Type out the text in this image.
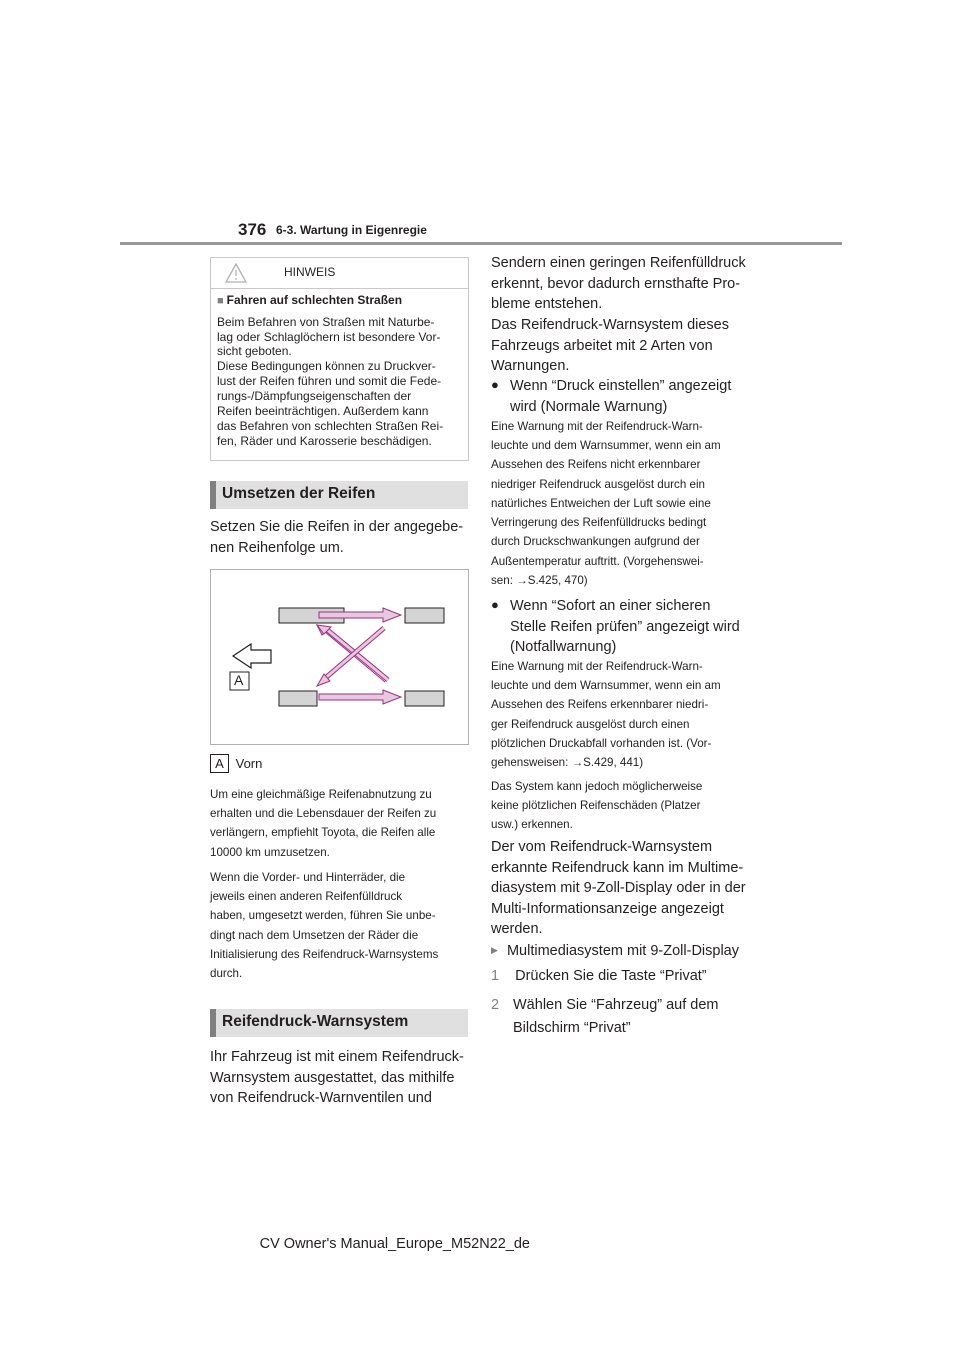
376 6-3. Wartung in Eigenregie
HINWEIS
■ Fahren auf schlechten Straßen
Beim Befahren von Straßen mit Naturbe-
lag oder Schlaglöchern ist besondere Vor-
sicht geboten.
Diese Bedingungen können zu Druckver-
lust der Reifen führen und somit die Fede-
rungs-/Dämpfungseigenschaften der
Reifen beeinträchtigen. Außerdem kann
das Befahren von schlechten Straßen Rei-
fen, Räder und Karosserie beschädigen.
Umsetzen der Reifen
Setzen Sie die Reifen in der angegebe-
nen Reihenfolge um.
A
A Vorn
Um eine gleichmäßige Reifenabnutzung zu
erhalten und die Lebensdauer der Reifen zu
verlängern, empfiehlt Toyota, die Reifen alle
10000 km umzusetzen.
Wenn die Vorder- und Hinterräder, die
jeweils einen anderen Reifenfülldruck
haben, umgesetzt werden, führen Sie unbe-
dingt nach dem Umsetzen der Räder die
Initialisierung des Reifendruck-Warnsystems
durch.
Reifendruck-Warnsystem
Ihr Fahrzeug ist mit einem Reifendruck-
Warnsystem ausgestattet, das mithilfe
von Reifendruck-Warnventilen und
Sendern einen geringen Reifenfülldruck
erkennt, bevor dadurch ernsthafte Pro-
bleme entstehen.
Das Reifendruck-Warnsystem dieses
Fahrzeugs arbeitet mit 2 Arten von
Warnungen.
● Wenn “Druck einstellen” angezeigt
wird (Normale Warnung)
Eine Warnung mit der Reifendruck-Warn-
leuchte und dem Warnsummer, wenn ein am
Aussehen des Reifens nicht erkennbarer
niedriger Reifendruck ausgelöst durch ein
natürliches Entweichen der Luft sowie eine
Verringerung des Reifenfülldrucks bedingt
durch Druckschwankungen aufgrund der
Außentemperatur auftritt. (Vorgehenswei-
sen: →S.425, 470)
● Wenn “Sofort an einer sicheren
Stelle Reifen prüfen” angezeigt wird
(Notfallwarnung)
Eine Warnung mit der Reifendruck-Warn-
leuchte und dem Warnsummer, wenn ein am
Aussehen des Reifens erkennbarer niedri-
ger Reifendruck ausgelöst durch einen
plötzlichen Druckabfall vorhanden ist. (Vor-
gehensweisen: →S.429, 441)
Das System kann jedoch möglicherweise
keine plötzlichen Reifenschäden (Platzer
usw.) erkennen.
Der vom Reifendruck-Warnsystem
erkannte Reifendruck kann im Multime-
diasystem mit 9-Zoll-Display oder in der
Multi-Informationsanzeige angezeigt
werden.
▶ Multimediasystem mit 9-Zoll-Display
1 Drücken Sie die Taste “Privat”
2 Wählen Sie “Fahrzeug” auf dem
Bildschirm “Privat”
CV Owner's Manual_Europe_M52N22_de
